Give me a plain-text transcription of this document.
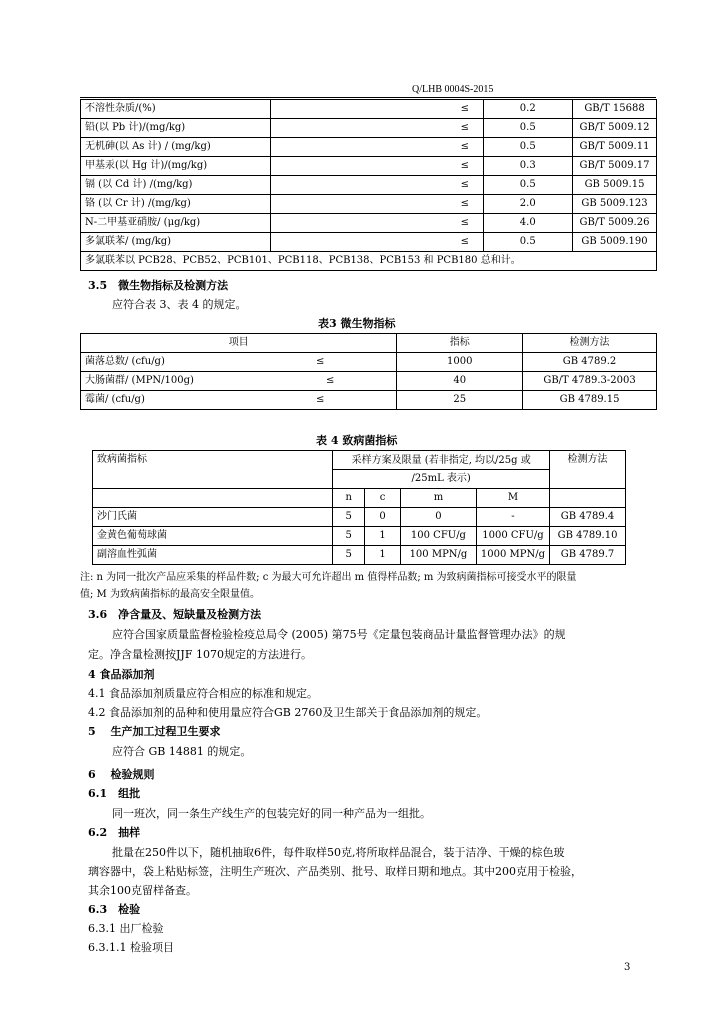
Q/LHB 0004S-2015
不溶性杂质/(%)	≤	0.2	GB/T 15688
铅(以 Pb 计)/(mg/kg)	≤	0.5	GB/T 5009.12
无机砷(以 As 计) / (mg/kg)	≤	0.5	GB/T 5009.11
甲基汞(以 Hg 计)/(mg/kg)	≤	0.3	GB/T 5009.17
镉 (以 Cd 计) /(mg/kg)	≤	0.5	GB 5009.15
铬 (以 Cr 计) /(mg/kg)	≤	2.0	GB 5009.123
N-二甲基亚硝胺/ (μg/kg)	≤	4.0	GB/T 5009.26
多氯联苯/ (mg/kg)	≤	0.5	GB 5009.190
多氯联苯以 PCB28、PCB52、PCB101、PCB118、PCB138、PCB153 和 PCB180 总和计。			
3.5　微生物指标及检测方法
应符合表 3、表 4 的规定。
表3 微生物指标
项目	指标	检测方法
菌落总数/ (cfu/g) ≤	1000	GB 4789.2
大肠菌群/ (MPN/100g) ≤	40	GB/T 4789.3-2003
霉菌/ (cfu/g) ≤	25	GB 4789.15
表 4 致病菌指标
致病菌指标	采样方案及限量 (若非指定, 均以/25g 或				检测方法
	/25mL 表示)				
	n	c	m	M	
沙门氏菌	5	0	0	-	GB 4789.4
金黄色葡萄球菌	5	1	100 CFU/g	1000 CFU/g	GB 4789.10
副溶血性弧菌	5	1	100 MPN/g	1000 MPN/g	GB 4789.7
注: n 为同一批次产品应采集的样品件数; c 为最大可允许超出 m 值得样品数; m 为致病菌指标可接受水平的限量
值; M 为致病菌指标的最高安全限量值。
3.6　净含量及、短缺量及检测方法
应符合国家质量监督检验检疫总局令 (2005) 第75号《定量包装商品计量监督管理办法》的规
定。净含量检测按JJF 1070规定的方法进行。
4 食品添加剂
4.1 食品添加剂质量应符合相应的标准和规定。
4.2 食品添加剂的品种和使用量应符合GB 2760及卫生部关于食品添加剂的规定。
5　 生产加工过程卫生要求
应符合 GB 14881 的规定。
6　 检验规则
6.1　组批
同一班次，同一条生产线生产的包装完好的同一种产品为一组批。
6.2　抽样
批量在250件以下，随机抽取6件，每件取样50克,将所取样品混合，装于洁净、干燥的棕色玻
璃容器中，袋上粘贴标签，注明生产班次、产品类别、批号、取样日期和地点。其中200克用于检验，
其余100克留样备查。
6.3　检验
6.3.1 出厂检验
6.3.1.1 检验项目
3
